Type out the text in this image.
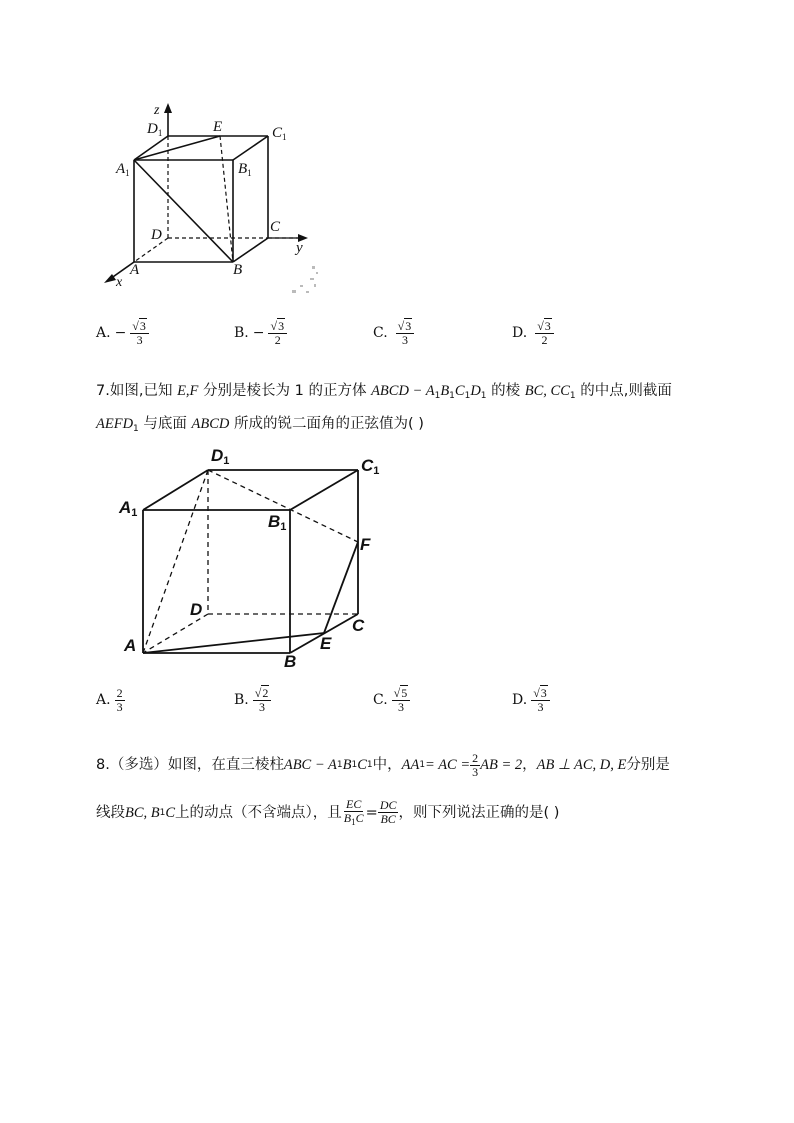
z
$D_1$	E	$C_1$
$A_1$	$B_1$
D	C
y
A	B
x
A. − $\frac{√3}{3}$	B. − $\frac{√3}{2}$	C. $\frac{√3}{3}$	D. $\frac{√3}{2}$
7.如图,已知 E,F 分别是棱长为 1 的正方体 ABCD − $A_1B_1C_1D_1$ 的棱 BC, $CC_1$ 的中点,则截面
$AEFD_1$ 与底面 ABCD 所成的锐二面角的正弦值为( )
$D_1$	$C_1$
$A_1$	$B_1$
F
D
C
A	E
B
A. $\frac{2}{3}$	B. $\frac{√2}{3}$	C. $\frac{√5}{3}$	D. $\frac{√3}{3}$
8.（多选）如图，在直三棱柱 ABC − A 1 B 1 C 1 中， AA 1 = AC = $\frac{2}{3}$ AB = 2 ， AB ⊥ AC , D, E 分别是
线段 BC, B 1 C 上的动点（不含端点），且 $\frac{EC}{B_1C} = \frac{DC}{BC}$ ，则下列说法正确的是( )
